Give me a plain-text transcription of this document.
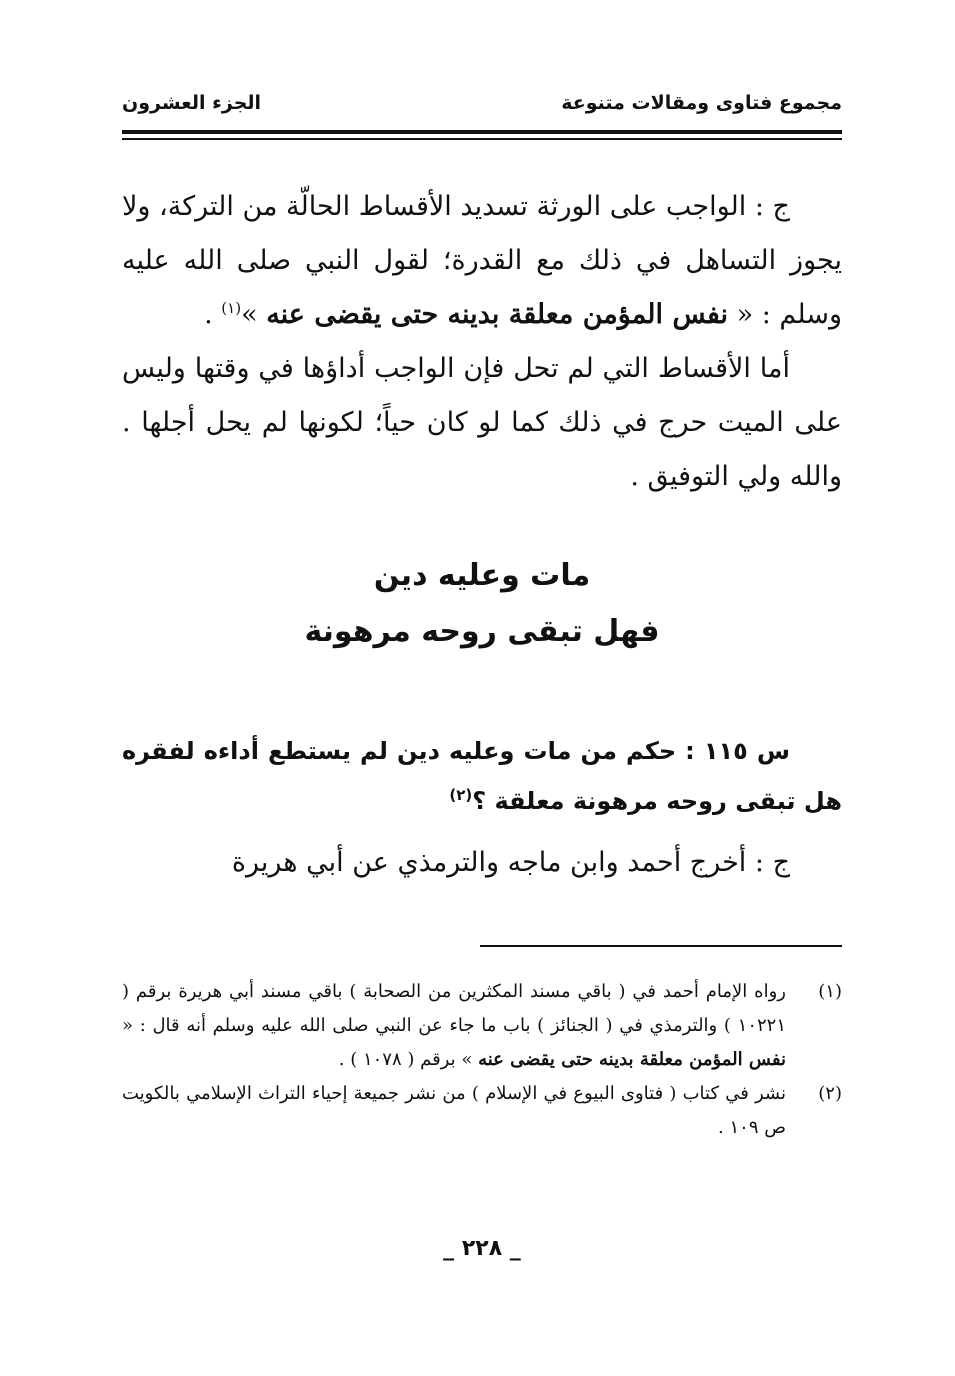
مجموع فتاوى ومقالات متنوعة
الجزء العشرون

ج : الواجب على الورثة تسديد الأقساط الحالّة من التركة، ولا يجوز التساهل في ذلك مع القدرة؛ لقول النبي صلى الله عليه وسلم : « نفس المؤمن معلقة بدينه حتى يقضى عنه »$^{(١)}$ .

أما الأقساط التي لم تحل فإن الواجب أداؤها في وقتها وليس على الميت حرج في ذلك كما لو كان حياً؛ لكونها لم يحل أجلها . والله ولي التوفيق .

مات وعليه دين
فهل تبقى روحه مرهونة
س ١١٥ : حكم من مات وعليه دين لم يستطع أداءه لفقره هل تبقى روحه مرهونة معلقة ؟$^{(٢)}$
ج : أخرج أحمد وابن ماجه والترمذي عن أبي هريرة
(١)
رواه الإمام أحمد في ( باقي مسند المكثرين من الصحابة ) باقي مسند أبي هريرة برقم ( ١٠٢٢١ ) والترمذي في ( الجنائز ) باب ما جاء عن النبي صلى الله عليه وسلم أنه قال : « نفس المؤمن معلقة بدينه حتى يقضى عنه » برقم ( ١٠٧٨ ) .
(٢)
نشر في كتاب ( فتاوى البيوع في الإسلام ) من نشر جميعة إحياء التراث الإسلامي بالكويت ص ١٠٩ .
_ ٢٢٨ _
